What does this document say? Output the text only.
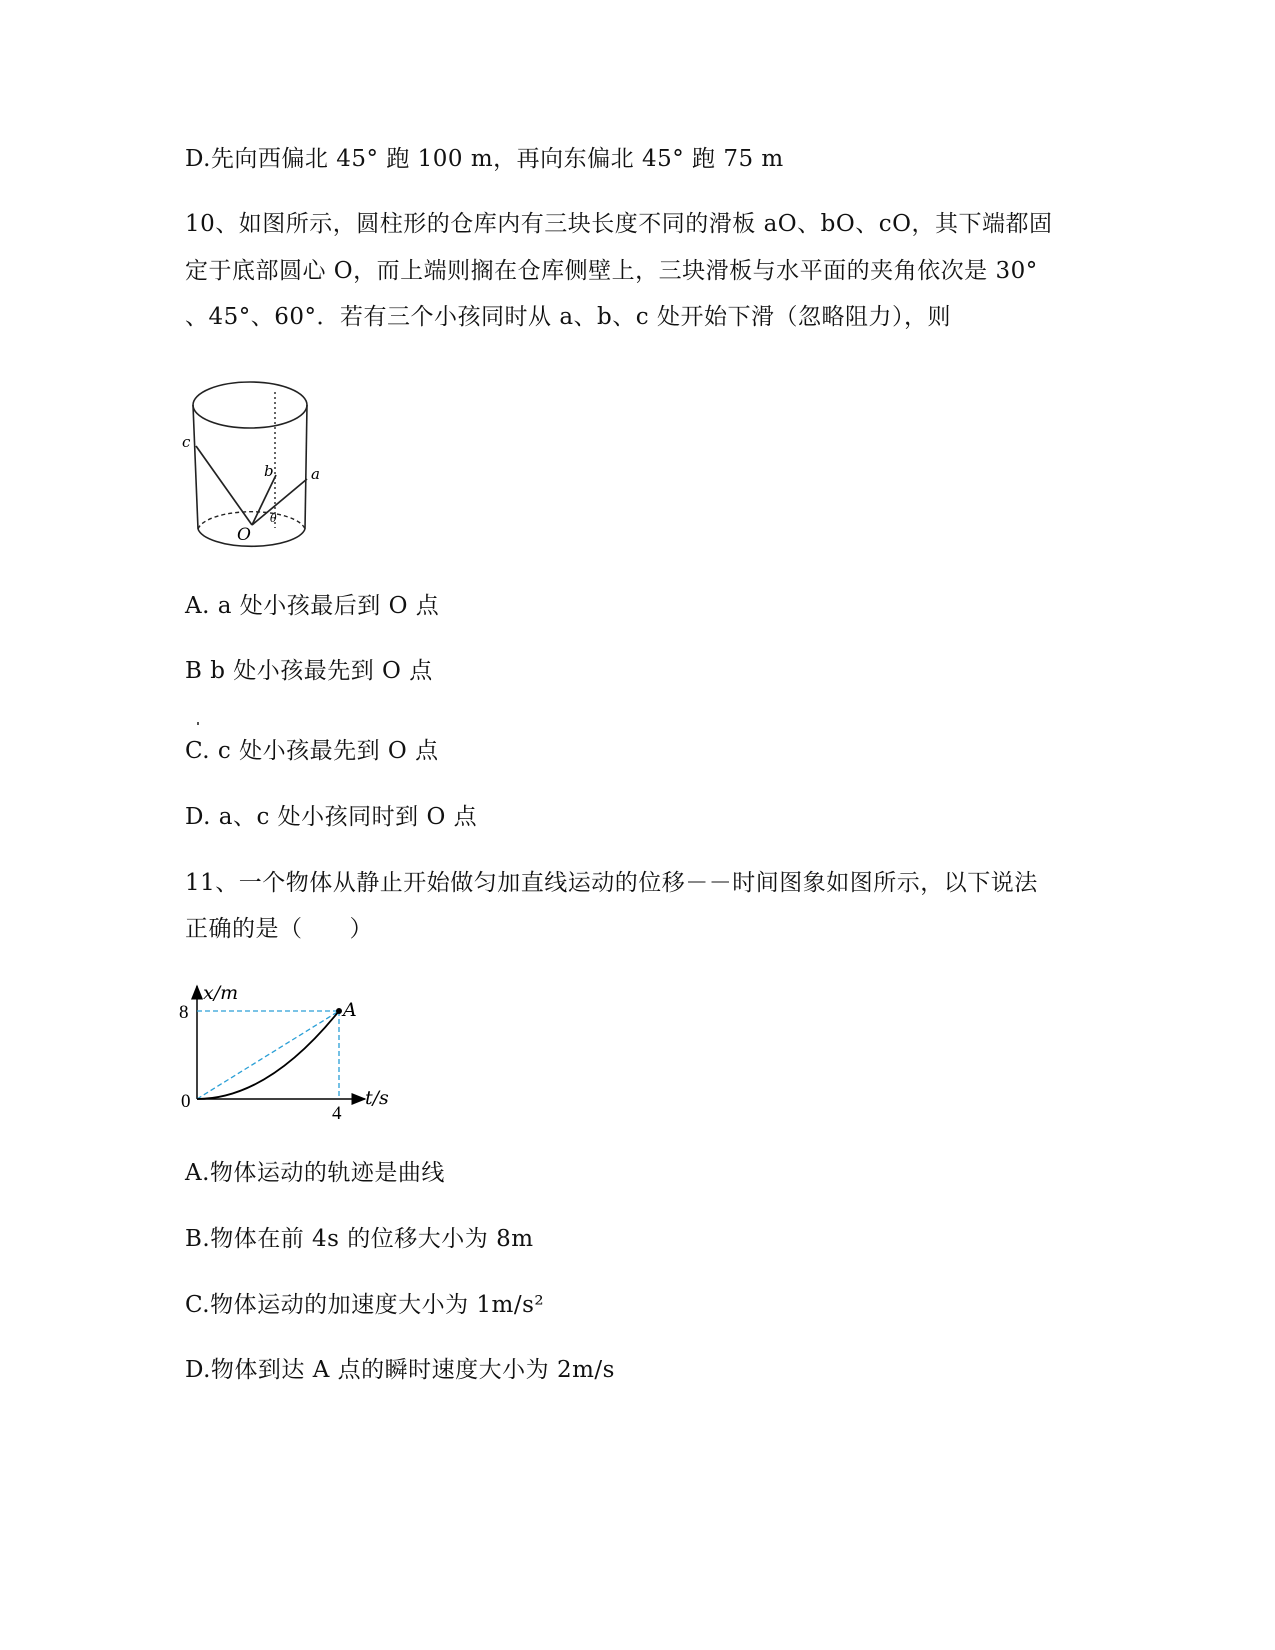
D.先向西偏北 45° 跑 100 m，再向东偏北 45° 跑 75 m

10、如图所示，圆柱形的仓库内有三块长度不同的滑板 aO、bO、cO，其下端都固

定于底部圆心 O，而上端则搁在仓库侧壁上，三块滑板与水平面的夹角依次是 30°

、45°、60°．若有三个小孩同时从 a、b、c 处开始下滑（忽略阻力），则

c
b a
O
θ

A. a 处小孩最后到 O 点

B b 处小孩最先到 O 点

C. c 处小孩最先到 O 点

D. a、c 处小孩同时到 O 点

11、一个物体从静止开始做匀加直线运动的位移－－时间图象如图所示，以下说法

正确的是（　　）

x/m
t/s
8
4
0
A

A.物体运动的轨迹是曲线

B.物体在前 4s 的位移大小为 8m

C.物体运动的加速度大小为 1m/s²

D.物体到达 A 点的瞬时速度大小为 2m/s
